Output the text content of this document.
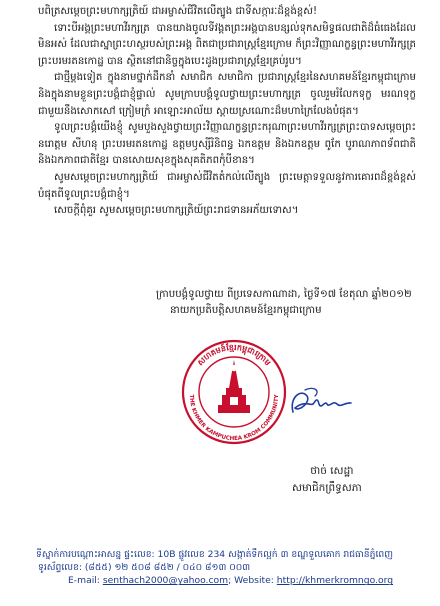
បពិត្រសម្ដេចព្រះមហាក្សត្រិយ៍ ជាអម្ចាស់ជីវិតលើត្បូង ជាទីសក្ការៈដ៏ខ្ពង់ខ្ពស់!

ទោះបីអង្គព្រះមហាវីរក្សត្រ បានយាងចូលទីវង្គតព្រះអង្គបានបន្សល់ទុកសមិទ្ធផលជាតិដ៏ធំធេងដែលមិនអស់ ដែលជាស្នាព្រះហស្ថរបស់ព្រះអង្គ ពិតជាប្រជារាស្ត្រខ្មែរក្រោម ក៏ព្រះវិញ្ញាណក្ខន្ធព្រះមហាវីរក្សត្រ ព្រះបរមរតនកោដ្ឋ បាន ស្ថិតនៅជានិច្ចក្នុងបេះដូងប្រជារាស្ត្រខ្មែរគ្រប់រូប។

ជាថ្មីម្ដងទៀត ក្នុងនាមថ្នាក់ដឹកនាំ សមាជិក សមាជិកា ប្រជារាស្ត្រខ្មែរនៃសហគមន៍ខ្មែរកម្ពុជាក្រោម និងក្នុងនាមខ្លួនព្រះបង្គំជាខ្ញុំផ្ទាល់ សូមក្រាបបង្គំទូលថ្វាយព្រះមហាក្សត្រ ចូលរួមរំលែកទុក្ខ មរណទុក្ខជាមួយនឹងសោកសៅ ក្រៀមក្រំ អាឡោះអាល័យ ស្ដាយស្រណោះដ៏មហាក្រៃលែងបំផុត។

ទូលព្រះបង្គំយើងខ្ញុំ សូមបួងសួងថ្វាយព្រះវិញ្ញាណក្ខន្ធព្រះករុណាព្រះមហាវីរក្សត្រព្រះបាទសម្ដេចព្រះនរោត្តម សីហនុ ព្រះបរមរតនកោដ្ឋ ឧត្តមឫស្សីរិនិពន្ធ ឯកឧត្តម និងឯកឧត្តម ពូកែ បូរាណភាពទ័ពជាតិ និងឯកភាពជាតិខ្មែរ បានសោយសុខក្នុងសុគតិភពកុំបីខាន។

សូមសម្ដេចព្រះមហាក្សត្រិយ៍ ជាអម្ចាស់ជីវិតតំកល់លើត្បូង ព្រះមេត្តាទទួលនូវការគោរពដ៏ខ្ពង់ខ្ពស់បំផុតពីទូលព្រះបង្គំជាខ្ញុំ។

សេចក្ដីពុំគួរ សូមសម្ដេចព្រះមហាក្សត្រិយ៍ព្រះរាជទានអភ័យទោស។

ក្រាបបង្គំទូលថ្វាយ ពីប្រទេសកាណាដា, ថ្ងៃទី១៧ ខែតុលា ឆ្នាំ២០១២
នាយកប្រតិបត្តិសហគមន៍ខ្មែរកម្ពុជាក្រោម
សហគមន៍ខ្មែរកម្ពុជាក្រោម
THE KHMER KAMPUCHEA KROM COMMUNITY
ថាច់ សេដ្ឋា
សមាជិកព្រឹទ្ធសភា
ទីស្នាក់ការបណ្ដោះអាសន្ន ផ្ទះលេខ: 10B ផ្លូវលេខ 234 សង្កាត់ទឹកល្អក់ ៣ ខណ្ឌទួលគោក រាជធានីភ្នំពេញ
ទូរស័ព្ទលេខ: (៨៥៥) ១២ ៥០៨ ៨៥២ / ០៤០ ៨១៣ ០០៣
E-mail: senthach2000@yahoo.com; Website: http://khmerkromngo.org
